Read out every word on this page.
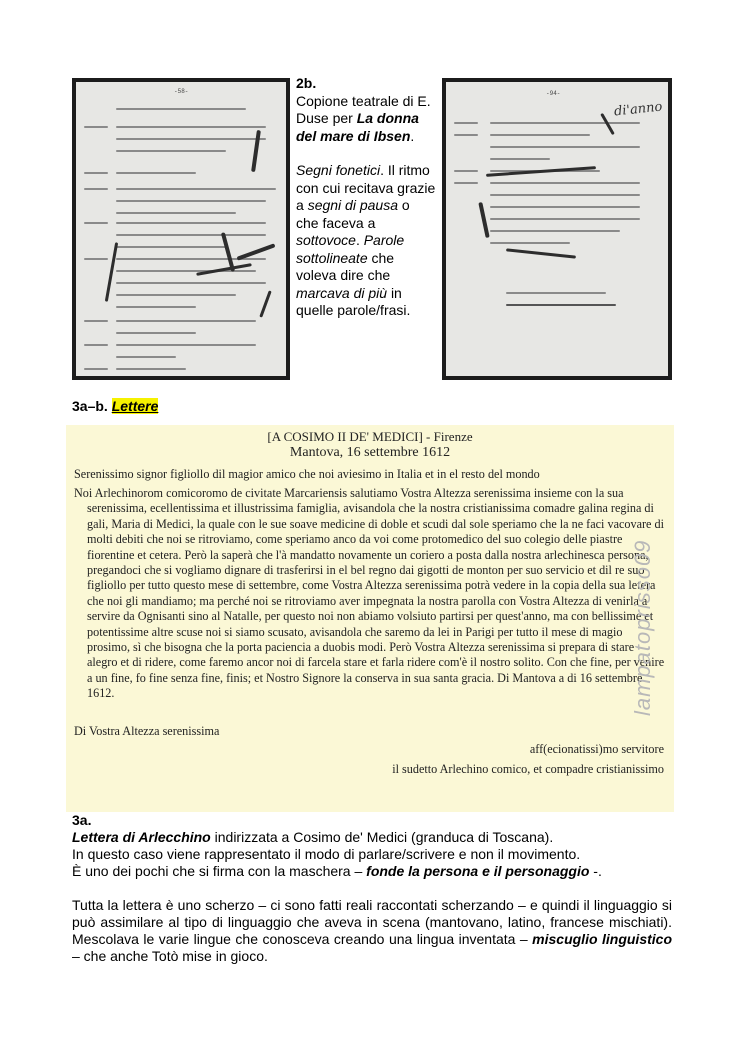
-58-
2b.
Copione teatrale di E. Duse per La donna del mare di Ibsen.
Segni fonetici. Il ritmo con cui recitava grazie a segni di pausa o che faceva a sottovoce. Parole sottolineate che voleva dire che marcava di più in quelle parole/frasi.
-94-
di'anno
3a–b. Lettere
[A COSIMO II DE' MEDICI] - Firenze
Mantova, 16 settembre 1612

Serenissimo signor figliollo dil magior amico che noi aviesimo in Italia et in el resto del mondo

Noi Arlechinorom comicoromo de civitate Marcariensis salutiamo Vostra Altezza serenissima insieme con la sua serenissima, ecellentissima et illustrissima famiglia, avisandola che la nostra cristianissima comadre galina regina di gali, Maria di Medici, la quale con le sue soave medicine di doble et scudi dal sole speriamo che la ne faci vacovare di molti debiti che noi se ritroviamo, come speriamo anco da voi come protomedico del suo colegio delle piastre fiorentine et cetera. Però la saperà che l'à mandatto novamente un coriero a posta dalla nostra arlechinesca persona, pregandoci che si vogliamo dignare di trasferirsi in el bel regno dai gigotti de monton per suo servicio et dil re suo figliollo per tutto questo mese di settembre, come Vostra Altezza serenissima potrà vedere in la copia della sua letera che noi gli mandiamo; ma perché noi se ritroviamo aver impegnata la nostra parolla con Vostra Altezza di venirla a servire da Ognisanti sino al Natalle, per questo noi non abiamo volsiuto partirsi per quest'anno, ma con bellissime et potentissime altre scuse noi si siamo scusato, avisandola che saremo da lei in Parigi per tutto il mese di magio prosimo, sì che bisogna che la porta paciencia a duobis modi. Però Vostra Altezza serenissima si prepara di stare alegro et di ridere, come faremo ancor noi di farcela stare et farla ridere com'è il nostro solito. Con che fine, per venire a un fine, fo fine senza fine, finis; et Nostro Signore la conserva in sua santa gracia. Di Mantova a di 16 settembre 1612.

Di Vostra Altezza serenissima

aff(ecionatissi)mo servitore
il sudetto Arlechino comico, et compadre cristianissimo
lampatoprisso09

3a.

Lettera di Arlecchino indirizzata a Cosimo de' Medici (granduca di Toscana).

In questo caso viene rappresentato il modo di parlare/scrivere e non il movimento.

È uno dei pochi che si firma con la maschera – fonde la persona e il personaggio -.

Tutta la lettera è uno scherzo – ci sono fatti reali raccontati scherzando – e quindi il linguaggio si può assimilare al tipo di linguaggio che aveva in scena (mantovano, latino, francese mischiati). Mescolava le varie lingue che conosceva creando una lingua inventata – miscuglio linguistico – che anche Totò mise in gioco.
